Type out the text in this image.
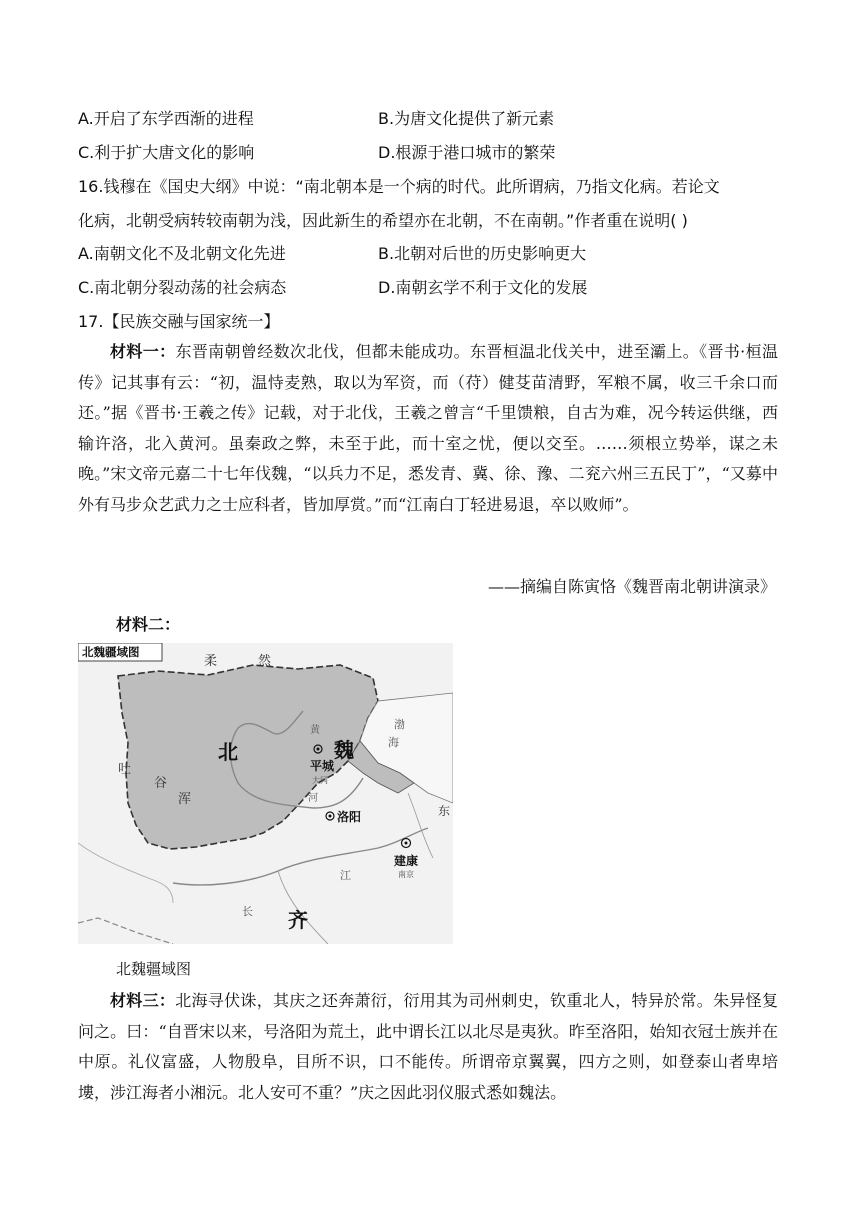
A.开启了东学西渐的进程	B.为唐文化提供了新元素
C.利于扩大唐文化的影响	D.根源于港口城市的繁荣
16.钱穆在《国史大纲》中说：“南北朝本是一个病的时代。此所谓病，乃指文化病。若论文
化病，北朝受病转较南朝为浅，因此新生的希望亦在北朝，不在南朝。”作者重在说明( )
A.南朝文化不及北朝文化先进	B.北朝对后世的历史影响更大
C.南北朝分裂动荡的社会病态	D.南朝玄学不利于文化的发展
17.【民族交融与国家统一】

材料一：东晋南朝曾经数次北伐，但都未能成功。东晋桓温北伐关中，进至灞上。《晋书·桓温传》记其事有云：“初，温恃麦熟，取以为军资，而（苻）健芟苗清野，军粮不属，收三千余口而还。”据《晋书·王羲之传》记载，对于北伐，王羲之曾言“千里馈粮，自古为难，况今转运供继，西输许洛，北入黄河。虽秦政之弊，未至于此，而十室之忧，便以交至。……须根立势举，谋之未晚。”宋文帝元嘉二十七年伐魏，“以兵力不足，悉发青、冀、徐、豫、二兖六州三五民丁”，“又募中外有马步众艺武力之士应科者，皆加厚赏。”而“江南白丁轻进易退，卒以败师”。

——摘编自陈寅恪《魏晋南北朝讲演录》
材料二：
北魏疆域图
柔	然
北	魏
吐
谷
浑
平城
大同
黄
河
洛阳
渤
海
东
建康
南京
江
长 齐
北魏疆域图

材料三：北海寻伏诛，其庆之还奔萧衍，衍用其为司州刺史，钦重北人，特异於常。朱异怪复问之。曰：“自晋宋以来，号洛阳为荒土，此中谓长江以北尽是夷狄。昨至洛阳，始知衣冠士族并在中原。礼仪富盛，人物殷阜，目所不识，口不能传。所谓帝京翼翼，四方之则，如登泰山者卑培塿，涉江海者小湘沅。北人安可不重？”庆之因此羽仪服式悉如魏法。
